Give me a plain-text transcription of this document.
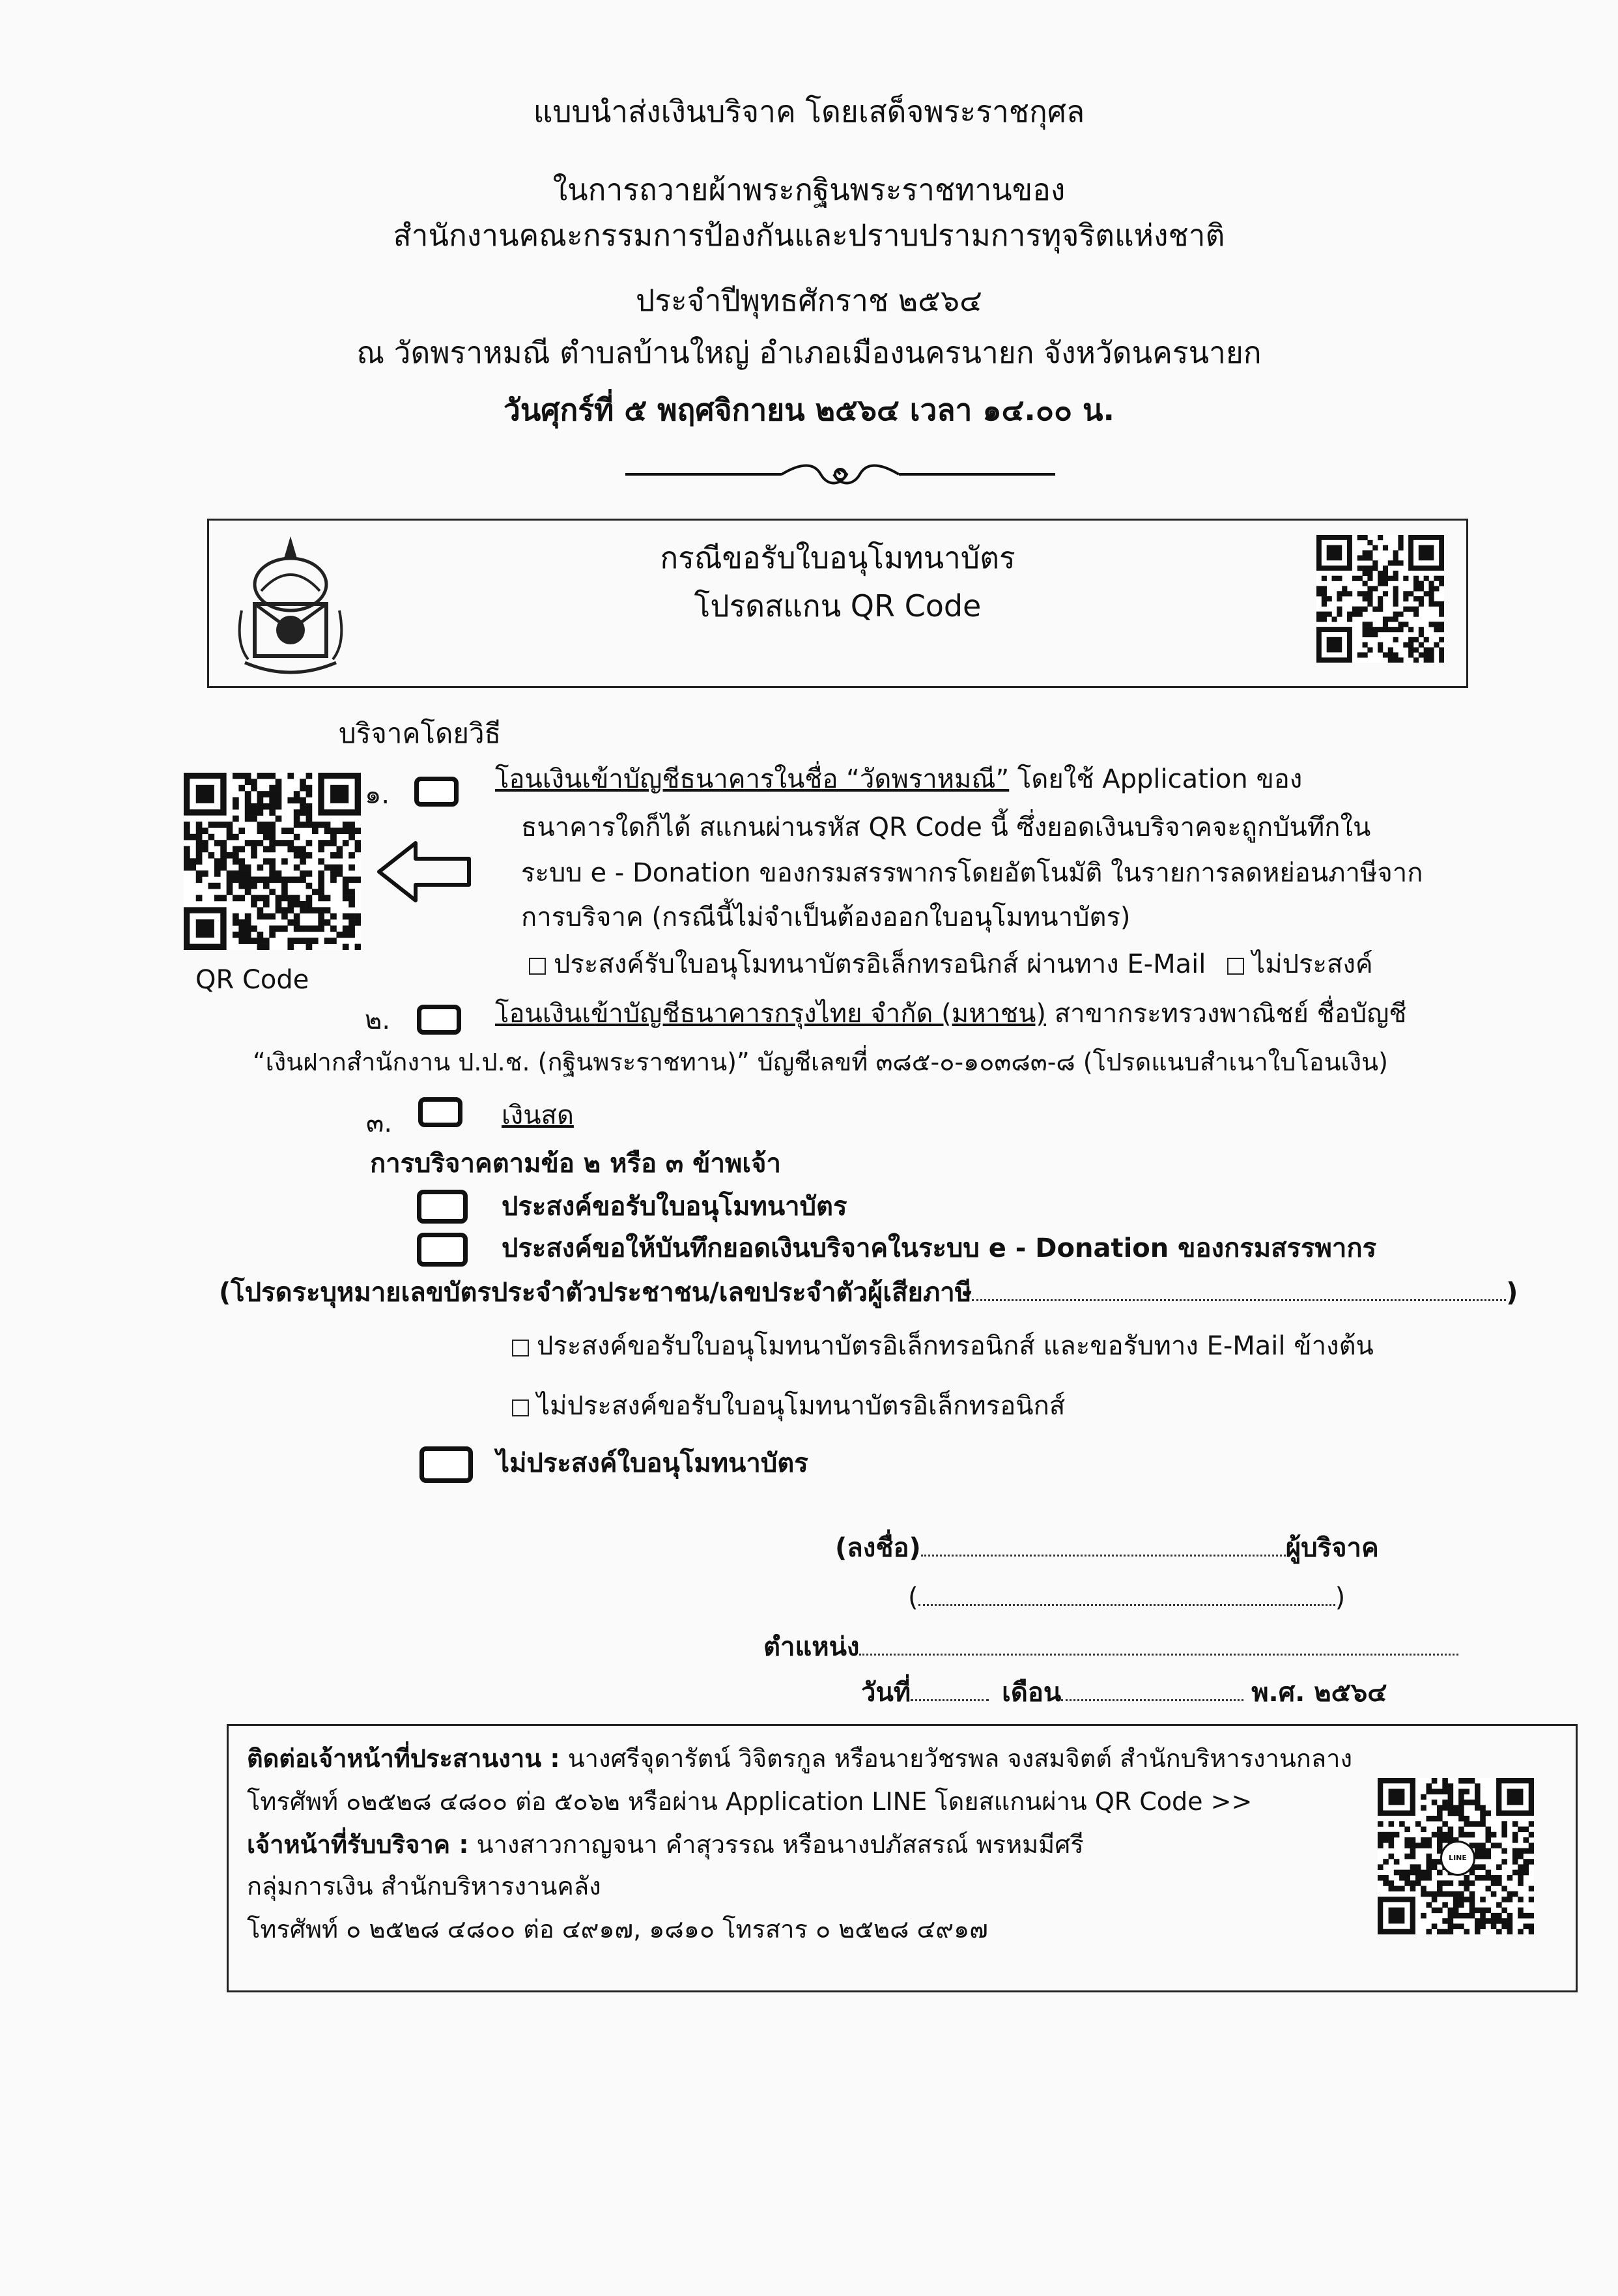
แบบนำส่งเงินบริจาค โดยเสด็จพระราชกุศล
ในการถวายผ้าพระกฐินพระราชทานของ
สำนักงานคณะกรรมการป้องกันและปราบปรามการทุจริตแห่งชาติ
ประจำปีพุทธศักราช ๒๕๖๔
ณ วัดพราหมณี ตำบลบ้านใหญ่ อำเภอเมืองนครนายก จังหวัดนครนายก
วันศุกร์ที่ ๕ พฤศจิกายน ๒๕๖๔ เวลา ๑๔.๐๐ น.
กรณีขอรับใบอนุโมทนาบัตร
โปรดสแกน QR Code
บริจาคโดยวิธี
QR Code
๑.
โอนเงินเข้าบัญชีธนาคารในชื่อ “วัดพราหมณี” โดยใช้ Application ของ
ธนาคารใดก็ได้ สแกนผ่านรหัส QR Code นี้ ซึ่งยอดเงินบริจาคจะถูกบันทึกใน
ระบบ e - Donation ของกรมสรรพากรโดยอัตโนมัติ ในรายการลดหย่อนภาษีจาก
การบริจาค (กรณีนี้ไม่จำเป็นต้องออกใบอนุโมทนาบัตร)
ประสงค์รับใบอนุโมทนาบัตรอิเล็กทรอนิกส์ ผ่านทาง E-Mail ไม่ประสงค์
๒.	โอนเงินเข้าบัญชีธนาคารกรุงไทย จำกัด (มหาชน) สาขากระทรวงพาณิชย์ ชื่อบัญชี
“เงินฝากสำนักงาน ป.ป.ช. (กฐินพระราชทาน)” บัญชีเลขที่ ๓๘๕-๐-๑๐๓๘๓-๘ (โปรดแนบสำเนาใบโอนเงิน)
๓.	เงินสด
การบริจาคตามข้อ ๒ หรือ ๓ ข้าพเจ้า
ประสงค์ขอรับใบอนุโมทนาบัตร
ประสงค์ขอให้บันทึกยอดเงินบริจาคในระบบ e - Donation ของกรมสรรพากร
(โปรดระบุหมายเลขบัตรประจำตัวประชาชน/เลขประจำตัวผู้เสียภาษี	)
ประสงค์ขอรับใบอนุโมทนาบัตรอิเล็กทรอนิกส์ และขอรับทาง E-Mail ข้างต้น
ไม่ประสงค์ขอรับใบอนุโมทนาบัตรอิเล็กทรอนิกส์
ไม่ประสงค์ใบอนุโมทนาบัตร
(ลงชื่อ)	ผู้บริจาค
(	)
ตำแหน่ง
วันที่	เดือน	พ.ศ. ๒๕๖๔
ติดต่อเจ้าหน้าที่ประสานงาน : นางศรีจุดารัตน์ วิจิตรกูล หรือนายวัชรพล จงสมจิตต์ สำนักบริหารงานกลาง
โทรศัพท์ ๐๒๕๒๘ ๔๘๐๐ ต่อ ๕๐๖๒ หรือผ่าน Application LINE โดยสแกนผ่าน QR Code >>
เจ้าหน้าที่รับบริจาค : นางสาวกาญจนา คำสุวรรณ หรือนางปภัสสรณ์ พรหมมีศรี
กลุ่มการเงิน สำนักบริหารงานคลัง
โทรศัพท์ ๐ ๒๕๒๘ ๔๘๐๐ ต่อ ๔๙๑๗, ๑๘๑๐ โทรสาร ๐ ๒๕๒๘ ๔๙๑๗
LINE
